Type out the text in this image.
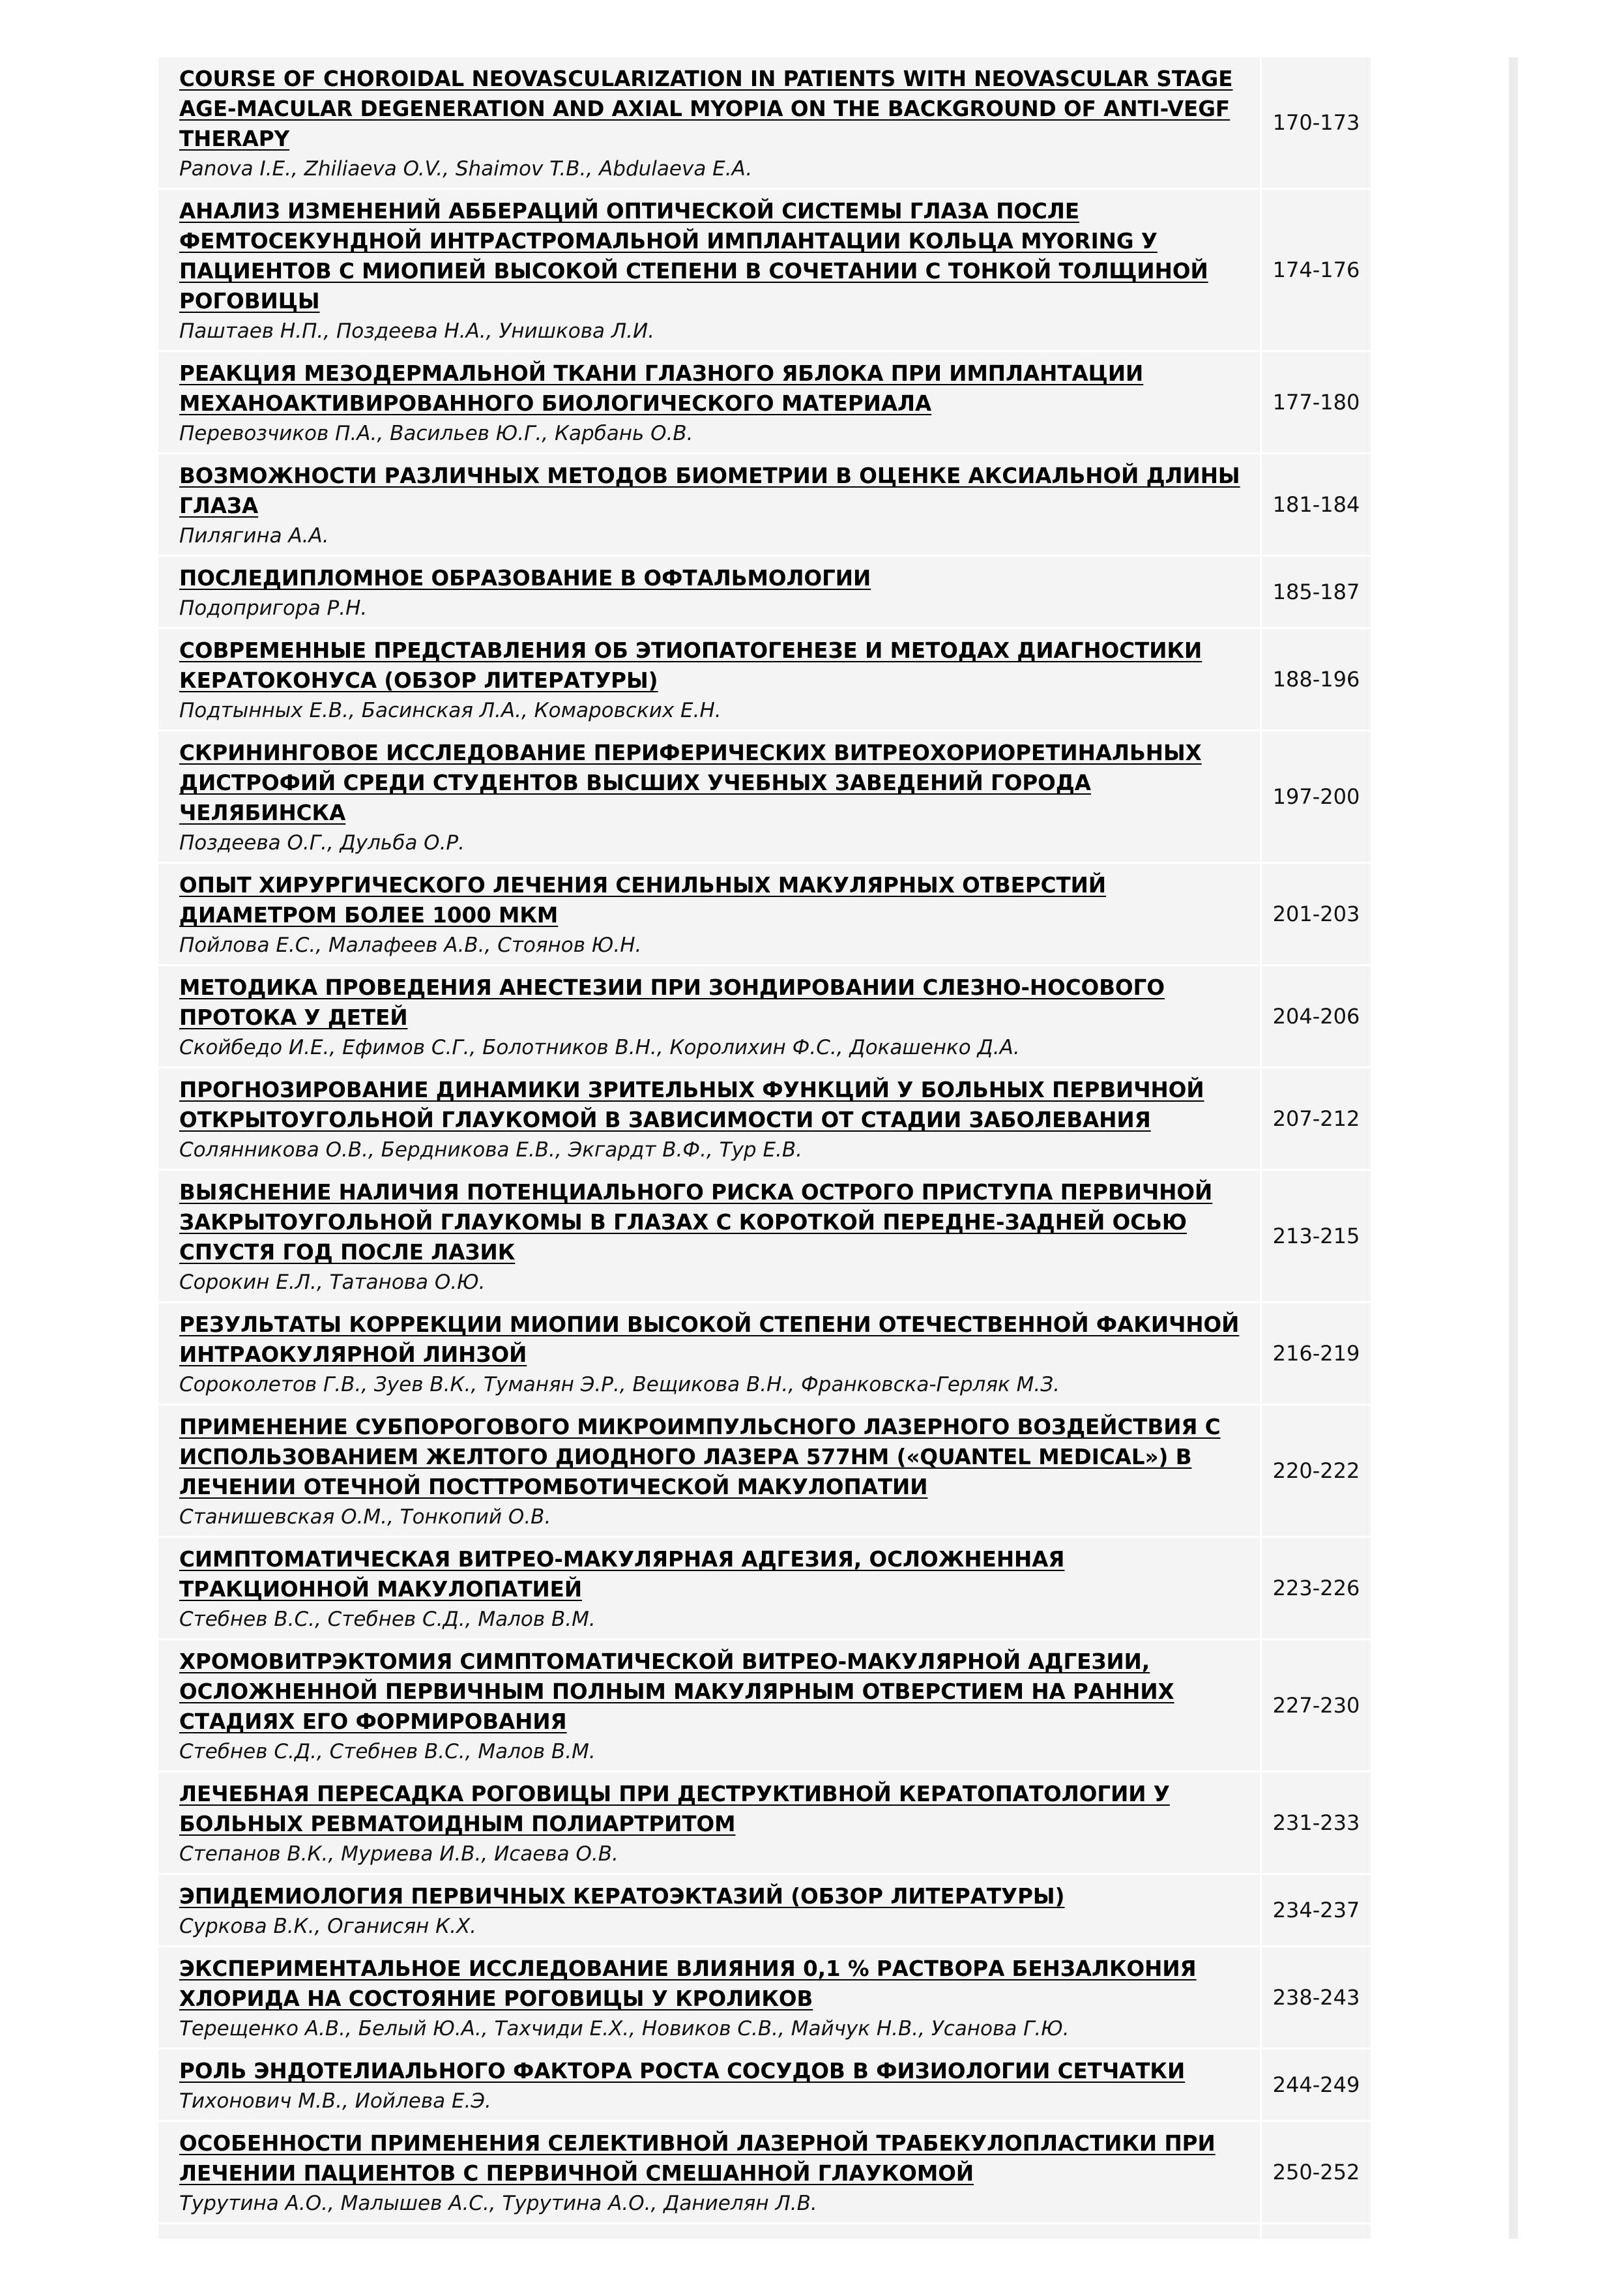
COURSE OF CHOROIDAL NEOVASCULARIZATION IN PATIENTS WITH NEOVASCULAR STAGE AGE-MACULAR DEGENERATION AND AXIAL MYOPIA ON THE BACKGROUND OF ANTI-VEGF THERAPY
Panova I.E., Zhiliaeva O.V., Shaimov T.B., Abdulaeva E.A.
170-173
АНАЛИЗ ИЗМЕНЕНИЙ АББЕРАЦИЙ ОПТИЧЕСКОЙ СИСТЕМЫ ГЛАЗА ПОСЛЕ ФЕМТОСЕКУНДНОЙ ИНТРАСТРОМАЛЬНОЙ ИМПЛАНТАЦИИ КОЛЬЦА MYORING У ПАЦИЕНТОВ С МИОПИЕЙ ВЫСОКОЙ СТЕПЕНИ В СОЧЕТАНИИ С ТОНКОЙ ТОЛЩИНОЙ РОГОВИЦЫ
Паштаев Н.П., Поздеева Н.А., Унишкова Л.И.
174-176
РЕАКЦИЯ МЕЗОДЕРМАЛЬНОЙ ТКАНИ ГЛАЗНОГО ЯБЛОКА ПРИ ИМПЛАНТАЦИИ МЕХАНОАКТИВИРОВАННОГО БИОЛОГИЧЕСКОГО МАТЕРИАЛА
Перевозчиков П.А., Васильев Ю.Г., Карбань О.В.
177-180
ВОЗМОЖНОСТИ РАЗЛИЧНЫХ МЕТОДОВ БИОМЕТРИИ В ОЦЕНКЕ АКСИАЛЬНОЙ ДЛИНЫ ГЛАЗА
Пилягина А.А.
181-184
ПОСЛЕДИПЛОМНОЕ ОБРАЗОВАНИЕ В ОФТАЛЬМОЛОГИИ
Подопригора Р.Н.
185-187
СОВРЕМЕННЫЕ ПРЕДСТАВЛЕНИЯ ОБ ЭТИОПАТОГЕНЕЗЕ И МЕТОДАХ ДИАГНОСТИКИ КЕРАТОКОНУСА (ОБЗОР ЛИТЕРАТУРЫ)
Подтынных Е.В., Басинская Л.А., Комаровских Е.Н.
188-196
СКРИНИНГОВОЕ ИССЛЕДОВАНИЕ ПЕРИФЕРИЧЕСКИХ ВИТРЕОХОРИОРЕТИНАЛЬНЫХ ДИСТРОФИЙ СРЕДИ СТУДЕНТОВ ВЫСШИХ УЧЕБНЫХ ЗАВЕДЕНИЙ ГОРОДА ЧЕЛЯБИНСКА
Поздеева О.Г., Дульба О.Р.
197-200
ОПЫТ ХИРУРГИЧЕСКОГО ЛЕЧЕНИЯ СЕНИЛЬНЫХ МАКУЛЯРНЫХ ОТВЕРСТИЙ ДИАМЕТРОМ БОЛЕЕ 1000 МКМ
Пойлова Е.С., Малафеев А.В., Стоянов Ю.Н.
201-203
МЕТОДИКА ПРОВЕДЕНИЯ АНЕСТЕЗИИ ПРИ ЗОНДИРОВАНИИ СЛЕЗНО-НОСОВОГО ПРОТОКА У ДЕТЕЙ
Скойбедо И.Е., Ефимов С.Г., Болотников В.Н., Королихин Ф.С., Докашенко Д.А.
204-206
ПРОГНОЗИРОВАНИЕ ДИНАМИКИ ЗРИТЕЛЬНЫХ ФУНКЦИЙ У БОЛЬНЫХ ПЕРВИЧНОЙ ОТКРЫТОУГОЛЬНОЙ ГЛАУКОМОЙ В ЗАВИСИМОСТИ ОТ СТАДИИ ЗАБОЛЕВАНИЯ
Солянникова О.В., Бердникова Е.В., Экгардт В.Ф., Тур Е.В.
207-212
ВЫЯСНЕНИЕ НАЛИЧИЯ ПОТЕНЦИАЛЬНОГО РИСКА ОСТРОГО ПРИСТУПА ПЕРВИЧНОЙ ЗАКРЫТОУГОЛЬНОЙ ГЛАУКОМЫ В ГЛАЗАХ С КОРОТКОЙ ПЕРЕДНЕ-ЗАДНЕЙ ОСЬЮ СПУСТЯ ГОД ПОСЛЕ ЛАЗИК
Сорокин Е.Л., Татанова О.Ю.
213-215
РЕЗУЛЬТАТЫ КОРРЕКЦИИ МИОПИИ ВЫСОКОЙ СТЕПЕНИ ОТЕЧЕСТВЕННОЙ ФАКИЧНОЙ ИНТРАОКУЛЯРНОЙ ЛИНЗОЙ
Сороколетов Г.В., Зуев В.К., Туманян Э.Р., Вещикова В.Н., Франковска-Герляк М.З.
216-219
ПРИМЕНЕНИЕ СУБПОРОГОВОГО МИКРОИМПУЛЬСНОГО ЛАЗЕРНОГО ВОЗДЕЙСТВИЯ С ИСПОЛЬЗОВАНИЕМ ЖЕЛТОГО ДИОДНОГО ЛАЗЕРА 577НМ («QUANTEL MEDICAL») В ЛЕЧЕНИИ ОТЕЧНОЙ ПОСТТРОМБОТИЧЕСКОЙ МАКУЛОПАТИИ
Станишевская О.М., Тонкопий О.В.
220-222
СИМПТОМАТИЧЕСКАЯ ВИТРЕО-МАКУЛЯРНАЯ АДГЕЗИЯ, ОСЛОЖНЕННАЯ ТРАКЦИОННОЙ МАКУЛОПАТИЕЙ
Стебнев В.С., Стебнев С.Д., Малов В.М.
223-226
ХРОМОВИТРЭКТОМИЯ СИМПТОМАТИЧЕСКОЙ ВИТРЕО-МАКУЛЯРНОЙ АДГЕЗИИ, ОСЛОЖНЕННОЙ ПЕРВИЧНЫМ ПОЛНЫМ МАКУЛЯРНЫМ ОТВЕРСТИЕМ НА РАННИХ СТАДИЯХ ЕГО ФОРМИРОВАНИЯ
Стебнев С.Д., Стебнев В.С., Малов В.М.
227-230
ЛЕЧЕБНАЯ ПЕРЕСАДКА РОГОВИЦЫ ПРИ ДЕСТРУКТИВНОЙ КЕРАТОПАТОЛОГИИ У БОЛЬНЫХ РЕВМАТОИДНЫМ ПОЛИАРТРИТОМ
Степанов В.К., Муриева И.В., Исаева О.В.
231-233
ЭПИДЕМИОЛОГИЯ ПЕРВИЧНЫХ КЕРАТОЭКТАЗИЙ (ОБЗОР ЛИТЕРАТУРЫ)
Суркова В.К., Оганисян К.Х.
234-237
ЭКСПЕРИМЕНТАЛЬНОЕ ИССЛЕДОВАНИЕ ВЛИЯНИЯ 0,1 % РАСТВОРА БЕНЗАЛКОНИЯ ХЛОРИДА НА СОСТОЯНИЕ РОГОВИЦЫ У КРОЛИКОВ
Терещенко А.В., Белый Ю.А., Тахчиди Е.Х., Новиков С.В., Майчук Н.В., Усанова Г.Ю.
238-243
РОЛЬ ЭНДОТЕЛИАЛЬНОГО ФАКТОРА РОСТА СОСУДОВ В ФИЗИОЛОГИИ СЕТЧАТКИ
Тихонович М.В., Иойлева Е.Э.
244-249
ОСОБЕННОСТИ ПРИМЕНЕНИЯ СЕЛЕКТИВНОЙ ЛАЗЕРНОЙ ТРАБЕКУЛОПЛАСТИКИ ПРИ ЛЕЧЕНИИ ПАЦИЕНТОВ С ПЕРВИЧНОЙ СМЕШАННОЙ ГЛАУКОМОЙ
Турутина А.О., Малышев А.С., Турутина А.О., Даниелян Л.В.
250-252
